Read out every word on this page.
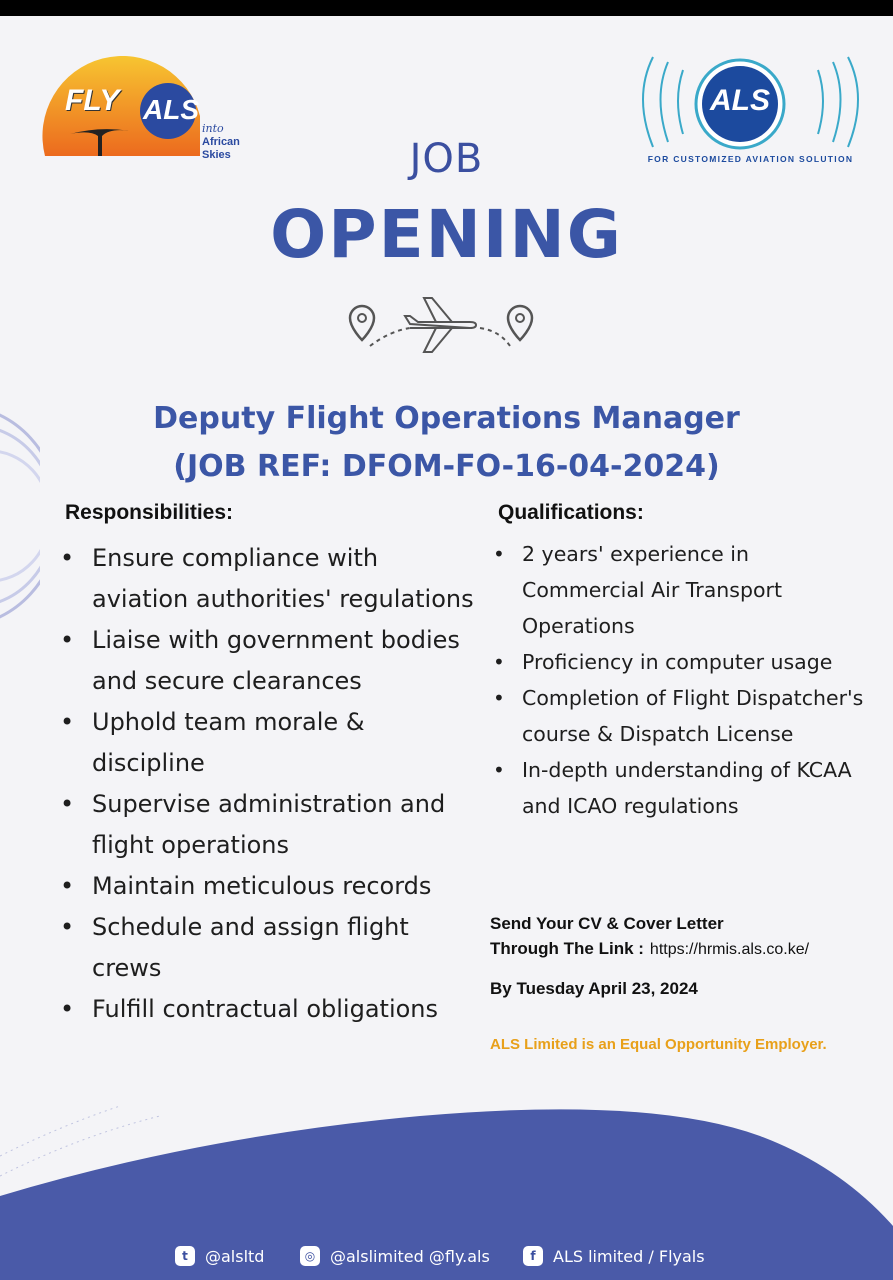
FLY ALS
into
African
Skies
ALS
FOR CUSTOMIZED AVIATION SOLUTION
JOB
OPENING
Deputy Flight Operations Manager
(JOB REF: DFOM-FO-16-04-2024)
Responsibilities:	Qualifications:
• Ensure compliance with aviation authorities' regulations
• Liaise with government bodies and secure clearances
• Uphold team morale & discipline
• Supervise administration and flight operations
• Maintain meticulous records
• Schedule and assign flight crews
• Fulfill contractual obligations
• 2 years' experience in Commercial Air Transport Operations
• Proficiency in computer usage
• Completion of Flight Dispatcher's course & Dispatch License
• In-depth understanding of KCAA and ICAO regulations
Send Your CV & Cover Letter
Through The Link : https://hrmis.als.co.ke/
By Tuesday April 23, 2024
ALS Limited is an Equal Opportunity Employer.
t	@alsltd	◎ @alslimited @fly.als	f	ALS limited / Flyals
